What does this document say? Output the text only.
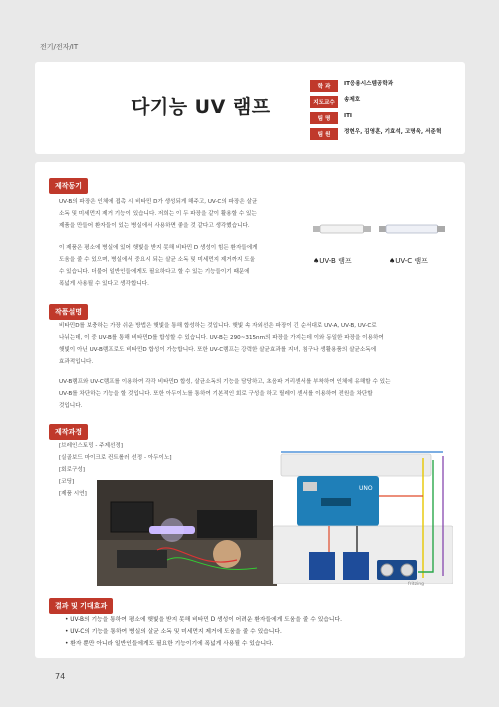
전기/전자/IT
다기능 UV 램프
학 과	IT응용시스템공학과
지도교수	송제호
팀 명	ITI
팀 원	정현우, 김영훈, 기효석, 고명욱, 서준혁
제작동기
UV-B의 파장은 인체에 접촉 시 비타민 D가 생성되게 해주고, UV-C의 파장은 살균
소독 및 미세먼지 제거 기능이 있습니다. 저희는 이 두 파장을 같이 활용할 수 있는
제품을 만들어 환자들이 있는 병실에서 사용하면 좋을 것 같다고 생각했습니다.
이 제품은 평소에 병실에 있어 햇빛을 받지 못해 비타민 D 생성이 힘든 환자들에게
도움을 줄 수 있으며, 병실에서 중요시 되는 살균 소독 및 미세먼지 제거까지 도울
수 있습니다. 더불어 일반인들에게도 필요하다고 할 수 있는 기능들이기 때문에
폭넓게 사용될 수 있다고 생각합니다.
♠UV-B 램프	♠UV-C 램프
작품설명
비타민D를 보충하는 가장 쉬운 방법은 햇빛을 통해 합성하는 것입니다. 햇빛 속 자외선은 파장이 긴 순서대로 UV-A, UV-B, UV-C로
나뉘는데, 이 중 UV-B를 통해 비타민D를 합성할 수 있습니다. UV-B는 290~315nm의 파장을 가지는데 이와 동일한 파장을 이용하여
햇빛이 아닌 UV-B램프로도 비타민D 합성이 가능합니다. 또한 UV-C램프는 강력한 살균효과를 지녀, 침구나 생활용품의 살균소독에
효과적입니다.
UV-B램프와 UV-C램프를 이용하여 각각 비타민D 합성, 살균소독의 기능을 담당하고, 초음파 거리센서를 부착하여 인체에 유해할 수 있는
UV-B를 차단하는 기능을 할 것입니다. 또한 아두이노를 통하여 기본적인 회로 구성을 하고 릴레이 센서를 이용하여 전원을 차단할
것입니다.
제작과정
[브레인스토밍 - 주제선정]
[실골보드 마이크로 컨트롤러 선정 - 아두이노]
[회로구성]
[코딩]
[제품 시연]
UNO
fritzing
결과 및 기대효과
• UV-B의 기능을 통하여 평소에 햇빛을 받지 못해 비타민 D 생성이 어려운 환자들에게 도움을 줄 수 있습니다.
• UV-C의 기능을 통하여 병실의 살균 소독 및 미세먼지 제거에 도움을 줄 수 있습니다.
• 환자 뿐만 아니라 일반인들에게도 필요한 기능이기에 폭넓게 사용될 수 있습니다.
74
